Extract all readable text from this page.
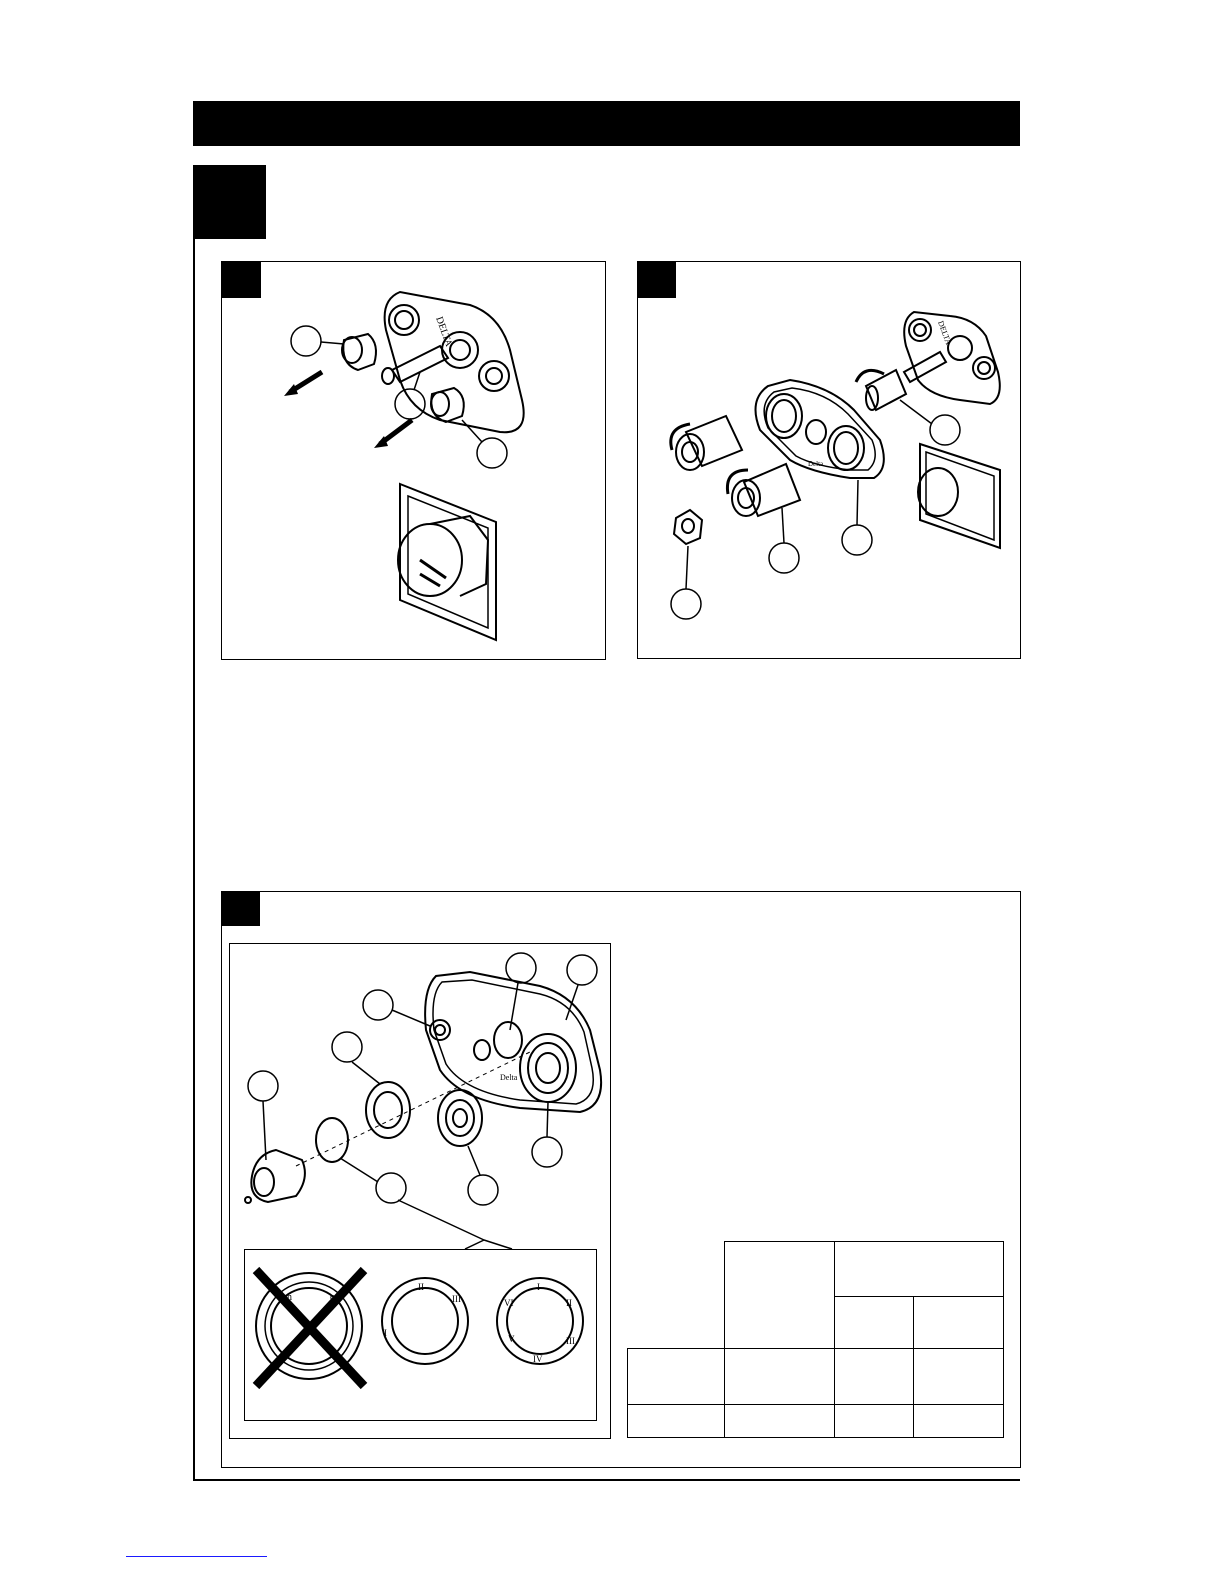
DELTA	DELTA
Delta
Delta
on	o
I
II
III
I
II
III
VI
V
IV
